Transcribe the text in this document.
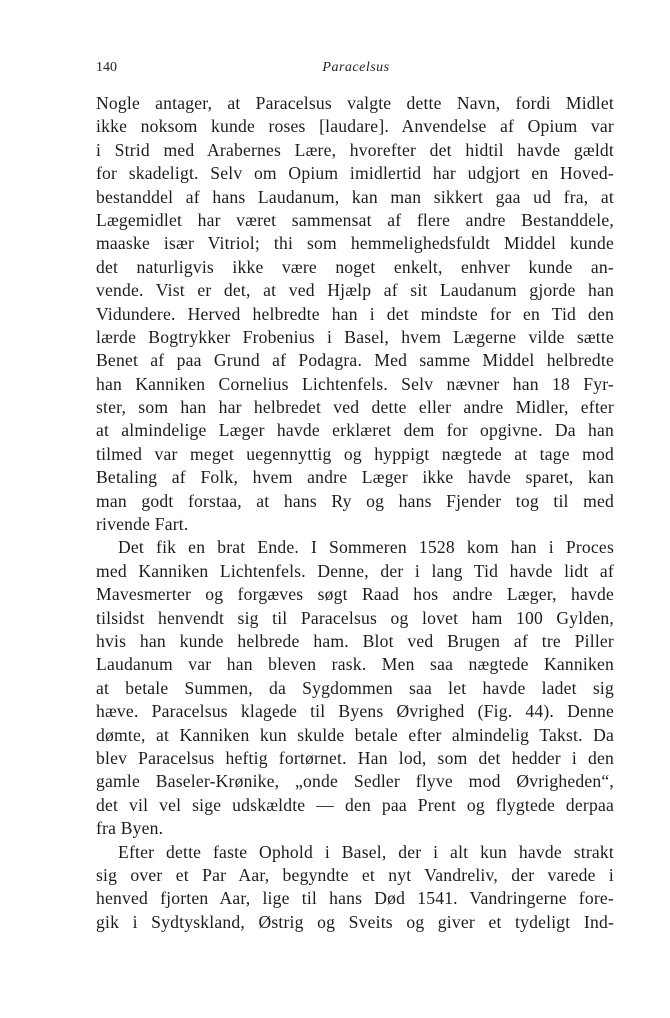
140	Paracelsus
Nogle antager, at Paracelsus valgte dette Navn, fordi Midlet
ikke noksom kunde roses [laudare]. Anvendelse af Opium var
i Strid med Arabernes Lære, hvorefter det hidtil havde gældt
for skadeligt. Selv om Opium imidlertid har udgjort en Hoved-
bestanddel af hans Laudanum, kan man sikkert gaa ud fra, at
Lægemidlet har været sammensat af flere andre Bestanddele,
maaske især Vitriol; thi som hemmelighedsfuldt Middel kunde
det naturligvis ikke være noget enkelt, enhver kunde an-
vende. Vist er det, at ved Hjælp af sit Laudanum gjorde han
Vidundere. Herved helbredte han i det mindste for en Tid den
lærde Bogtrykker Frobenius i Basel, hvem Lægerne vilde sætte
Benet af paa Grund af Podagra. Med samme Middel helbredte
han Kanniken Cornelius Lichtenfels. Selv nævner han 18 Fyr-
ster, som han har helbredet ved dette eller andre Midler, efter
at almindelige Læger havde erklæret dem for opgivne. Da han
tilmed var meget uegennyttig og hyppigt nægtede at tage mod
Betaling af Folk, hvem andre Læger ikke havde sparet, kan
man godt forstaa, at hans Ry og hans Fjender tog til med
rivende Fart.
Det fik en brat Ende. I Sommeren 1528 kom han i Proces
med Kanniken Lichtenfels. Denne, der i lang Tid havde lidt af
Mavesmerter og forgæves søgt Raad hos andre Læger, havde
tilsidst henvendt sig til Paracelsus og lovet ham 100 Gylden,
hvis han kunde helbrede ham. Blot ved Brugen af tre Piller
Laudanum var han bleven rask. Men saa nægtede Kanniken
at betale Summen, da Sygdommen saa let havde ladet sig
hæve. Paracelsus klagede til Byens Øvrighed (Fig. 44). Denne
dømte, at Kanniken kun skulde betale efter almindelig Takst. Da
blev Paracelsus heftig fortørnet. Han lod, som det hedder i den
gamle Baseler-Krønike, „onde Sedler flyve mod Øvrigheden“,
det vil vel sige udskældte — den paa Prent og flygtede derpaa
fra Byen.
Efter dette faste Ophold i Basel, der i alt kun havde strakt
sig over et Par Aar, begyndte et nyt Vandreliv, der varede i
henved fjorten Aar, lige til hans Død 1541. Vandringerne fore-
gik i Sydtyskland, Østrig og Sveits og giver et tydeligt Ind-
